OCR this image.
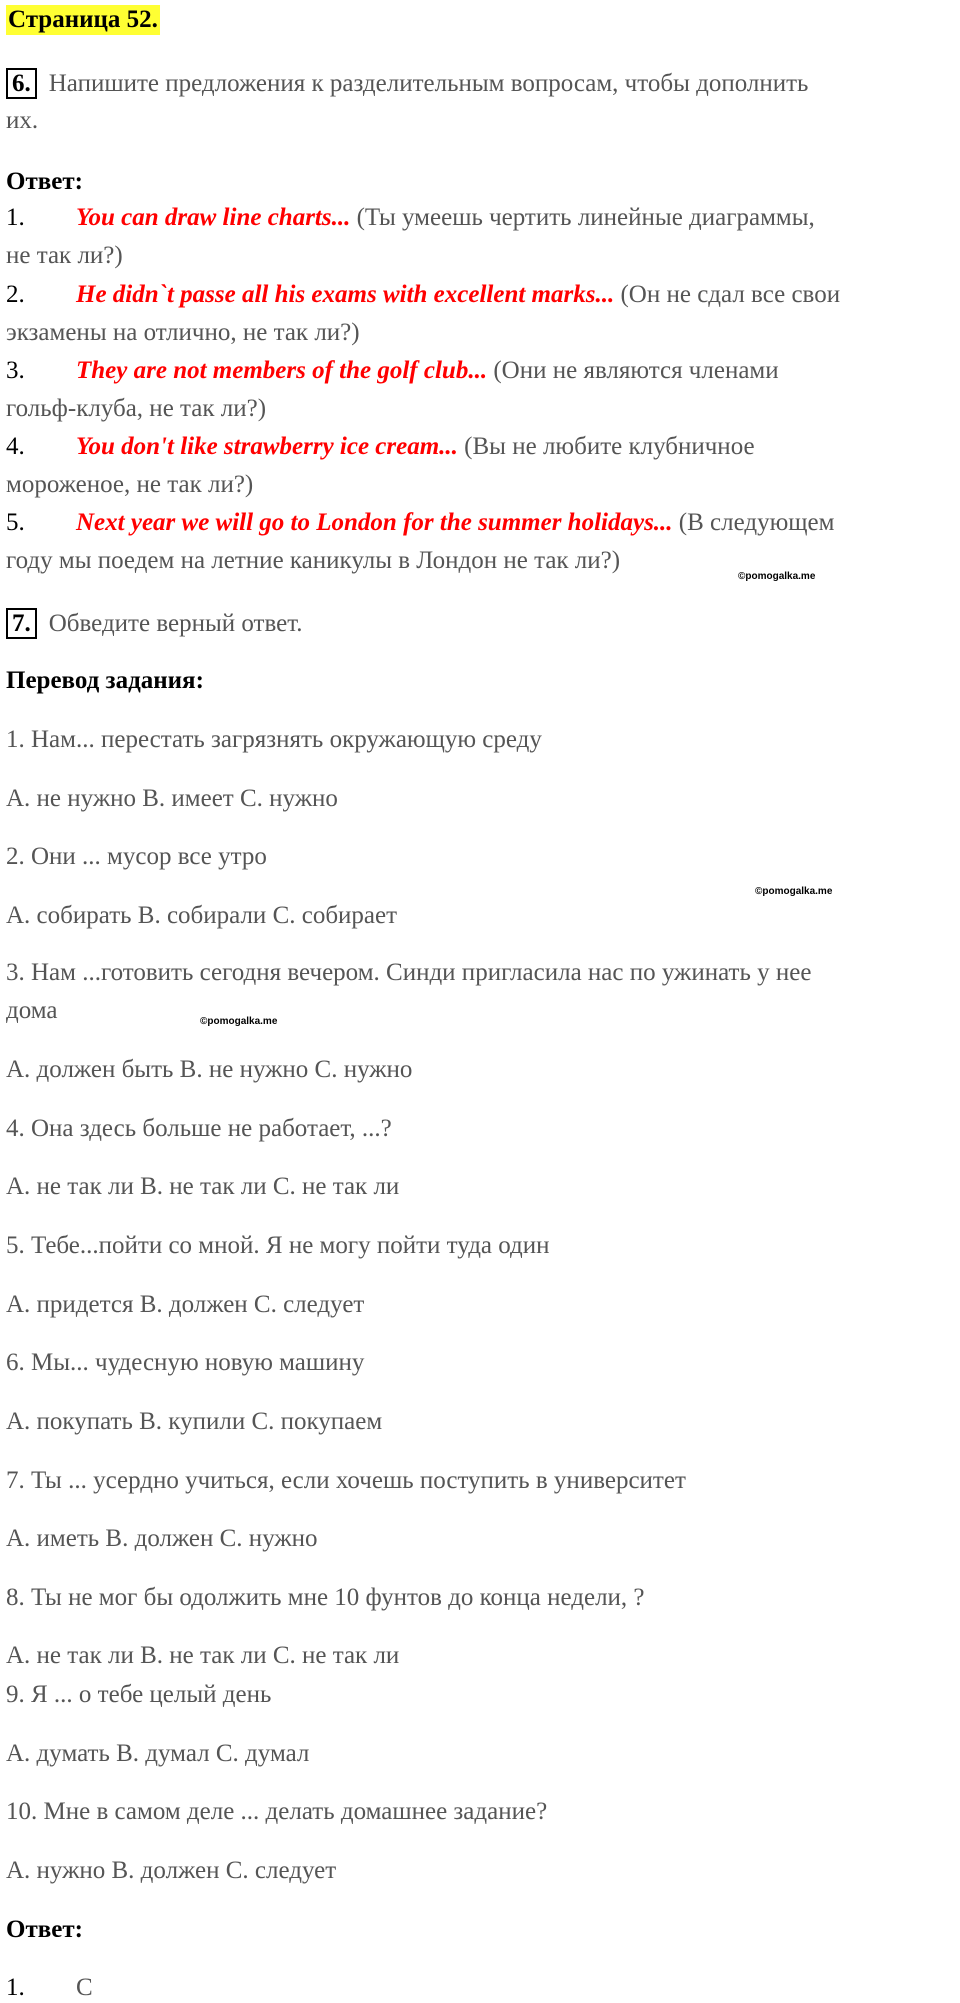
Страница 52.
6. Напишите предложения к разделительным вопросам, чтобы дополнить
их.
Ответ:
1. You can draw line charts... (Ты умеешь чертить линейные диаграммы,
не так ли?)
2. He didn`t passe all his exams with excellent marks... (Он не сдал все свои
экзамены на отлично, не так ли?)
3. They are not members of the golf club... (Они не являются членами
гольф-клуба, не так ли?)
4. You don't like strawberry ice cream... (Вы не любите клубничное
мороженое, не так ли?)
5. Next year we will go to London for the summer holidays... (В следующем
году мы поедем на летние каникулы в Лондон не так ли?)
©pomogalka.me
7. Обведите верный ответ.
Перевод задания:
1. Нам... перестать загрязнять окружающую среду
А. не нужно В. имеет С. нужно
2. Они ... мусор все утро
©pomogalka.me
А. собирать В. собирали С. собирает
3. Нам ...готовить сегодня вечером. Синди пригласила нас по ужинать у нее
дома	©pomogalka.me
А. должен быть В. не нужно С. нужно
4. Она здесь больше не работает, ...?
А. не так ли В. не так ли С. не так ли
5. Тебе...пойти со мной. Я не могу пойти туда один
А. придется В. должен С. следует
6. Мы... чудесную новую машину
А. покупать В. купили С. покупаем
7. Ты ... усердно учиться, если хочешь поступить в университет
А. иметь В. должен С. нужно
8. Ты не мог бы одолжить мне 10 фунтов до конца недели, ?
А. не так ли В. не так ли С. не так ли
9. Я ... о тебе целый день
А. думать В. думал С. думал
10. Мне в самом деле ... делать домашнее задание?
А. нужно В. должен С. следует
Ответ:
1. C
